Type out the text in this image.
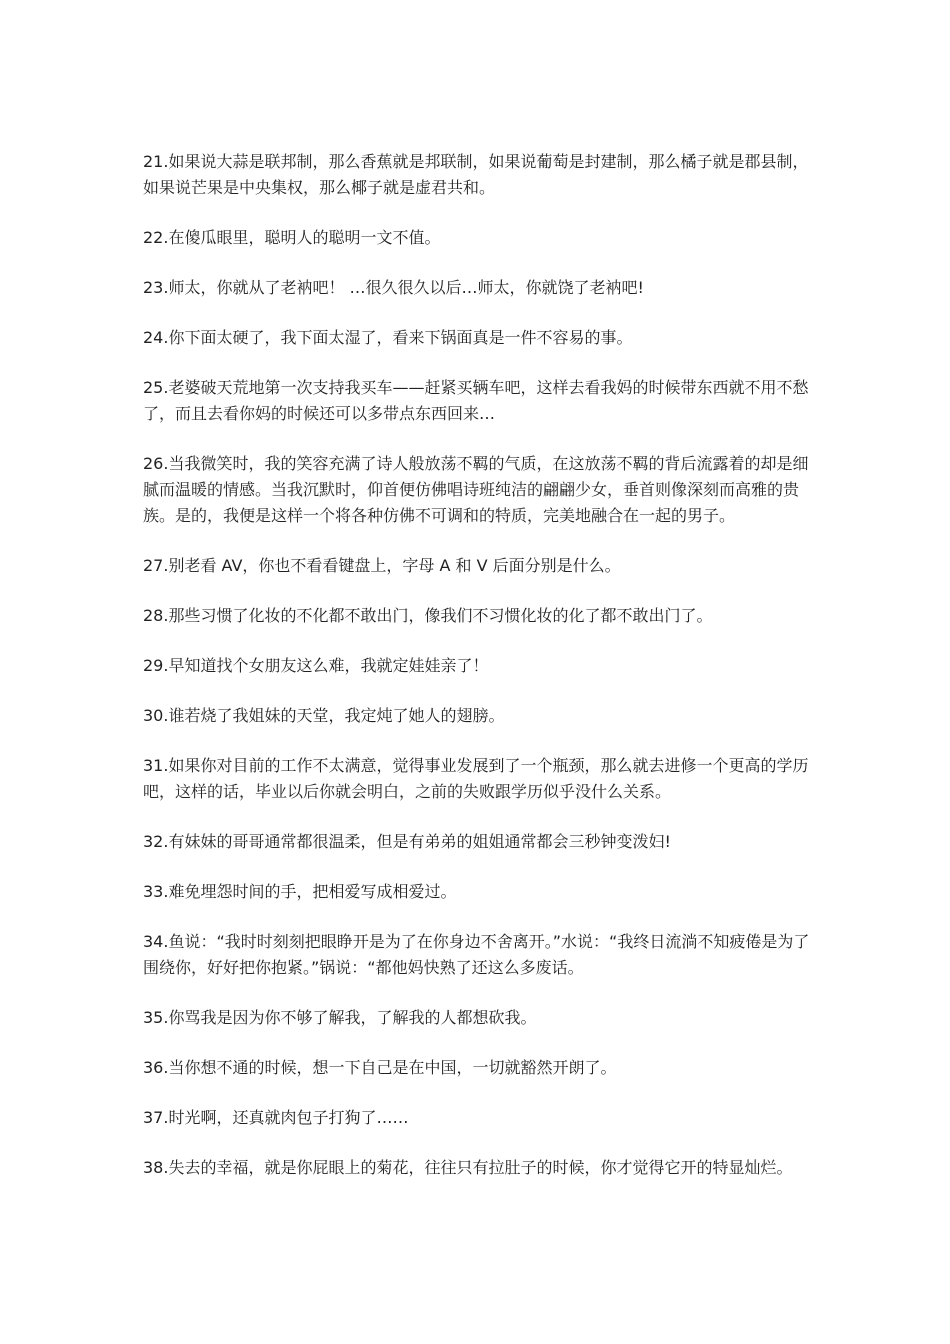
21.如果说大蒜是联邦制，那么香蕉就是邦联制，如果说葡萄是封建制，那么橘子就是郡县制，如果说芒果是中央集权，那么椰子就是虚君共和。

22.在傻瓜眼里，聪明人的聪明一文不值。

23.师太，你就从了老衲吧！ …很久很久以后…师太，你就饶了老衲吧!

24.你下面太硬了，我下面太湿了，看来下锅面真是一件不容易的事。

25.老婆破天荒地第一次支持我买车——赶紧买辆车吧，这样去看我妈的时候带东西就不用不愁了，而且去看你妈的时候还可以多带点东西回来…

26.当我微笑时，我的笑容充满了诗人般放荡不羁的气质，在这放荡不羁的背后流露着的却是细腻而温暖的情感。当我沉默时，仰首便仿佛唱诗班纯洁的翩翩少女，垂首则像深刻而高雅的贵族。是的，我便是这样一个将各种仿佛不可调和的特质，完美地融合在一起的男子。

27.别老看 AV，你也不看看键盘上，字母 A 和 V 后面分别是什么。

28.那些习惯了化妆的不化都不敢出门，像我们不习惯化妆的化了都不敢出门了。

29.早知道找个女朋友这么难，我就定娃娃亲了！

30.谁若烧了我姐妹的天堂，我定炖了她人的翅膀。

31.如果你对目前的工作不太满意，觉得事业发展到了一个瓶颈，那么就去进修一个更高的学历吧，这样的话，毕业以后你就会明白，之前的失败跟学历似乎没什么关系。

32.有妹妹的哥哥通常都很温柔，但是有弟弟的姐姐通常都会三秒钟变泼妇!

33.难免埋怨时间的手，把相爱写成相爱过。

34.鱼说：“我时时刻刻把眼睁开是为了在你身边不舍离开。”水说：“我终日流淌不知疲倦是为了围绕你，好好把你抱紧。”锅说：“都他妈快熟了还这么多废话。

35.你骂我是因为你不够了解我，了解我的人都想砍我。

36.当你想不通的时候，想一下自己是在中国，一切就豁然开朗了。

37.时光啊，还真就肉包子打狗了……

38.失去的幸福，就是你屁眼上的菊花，往往只有拉肚子的时候，你才觉得它开的特显灿烂。
